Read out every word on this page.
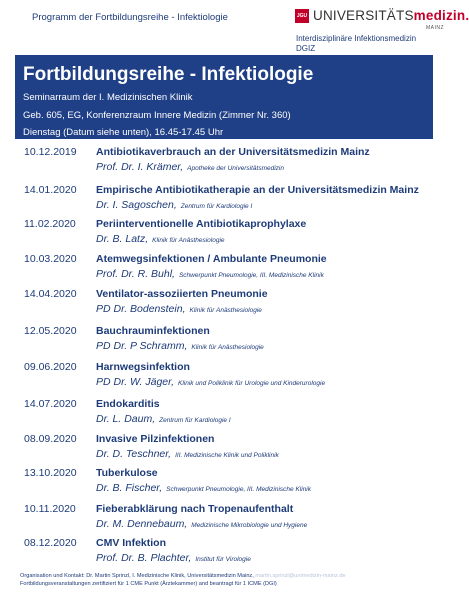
Programm der Fortbildungsreihe - Infektiologie	JGU UNIVERSITÄTSmedizin.
MAINZ
Interdisziplinäre Infektionsmedizin
DGIZ
Fortbildungsreihe - Infektiologie
Seminarraum der I. Medizinischen Klinik
Geb. 605, EG, Konferenzraum Innere Medizin (Zimmer Nr. 360)
Dienstag (Datum siehe unten), 16.45-17.45 Uhr
10.12.2019 Antibiotikaverbrauch an der Universitätsmedizin Mainz
Prof. Dr. I. Krämer, Apotheke der Universitätsmedizin
14.01.2020 Empirische Antibiotikatherapie an der Universitätsmedizin Mainz
Dr. I. Sagoschen, Zentrum für Kardiologie I
11.02.2020 Periinterventionelle Antibiotikaprophylaxe
Dr. B. Latz, Klinik für Anästhesiologie
10.03.2020 Atemwegsinfektionen / Ambulante Pneumonie
Prof. Dr. R. Buhl, Schwerpunkt Pneumologie, III. Medizinische Klinik
14.04.2020 Ventilator-assoziierten Pneumonie
PD Dr. Bodenstein, Klinik für Anästhesiologie
12.05.2020 Bauchrauminfektionen
PD Dr. P Schramm, Klinik für Anästhesiologie
09.06.2020 Harnwegsinfektion
PD Dr. W. Jäger, Klinik und Poliklinik für Urologie und Kinderurologie
14.07.2020 Endokarditis
Dr. L. Daum, Zentrum für Kardiologie I
08.09.2020 Invasive Pilzinfektionen
Dr. D. Teschner, III. Medizinische Klinik und Poliklinik
13.10.2020 Tuberkulose
Dr. B. Fischer, Schwerpunkt Pneumologie, III. Medizinische Klinik
10.11.2020 Fieberabklärung nach Tropenaufenthalt
Dr. M. Dennebaum, Medizinische Mikrobiologie und Hygiene
08.12.2020 CMV Infektion
Prof. Dr. B. Plachter, Institut für Virologie
Organisation und Kontakt: Dr. Martin Sprinzl, I. Medizinische Klinik, Universitätsmedizin Mainz, martin.sprinzl@unimedizin-mainz.de
Fortbildungsveranstaltungen zertifiziert für 1 CME Punkt (Ärztekammer) and beantragt für 1 ICME (DGI)
